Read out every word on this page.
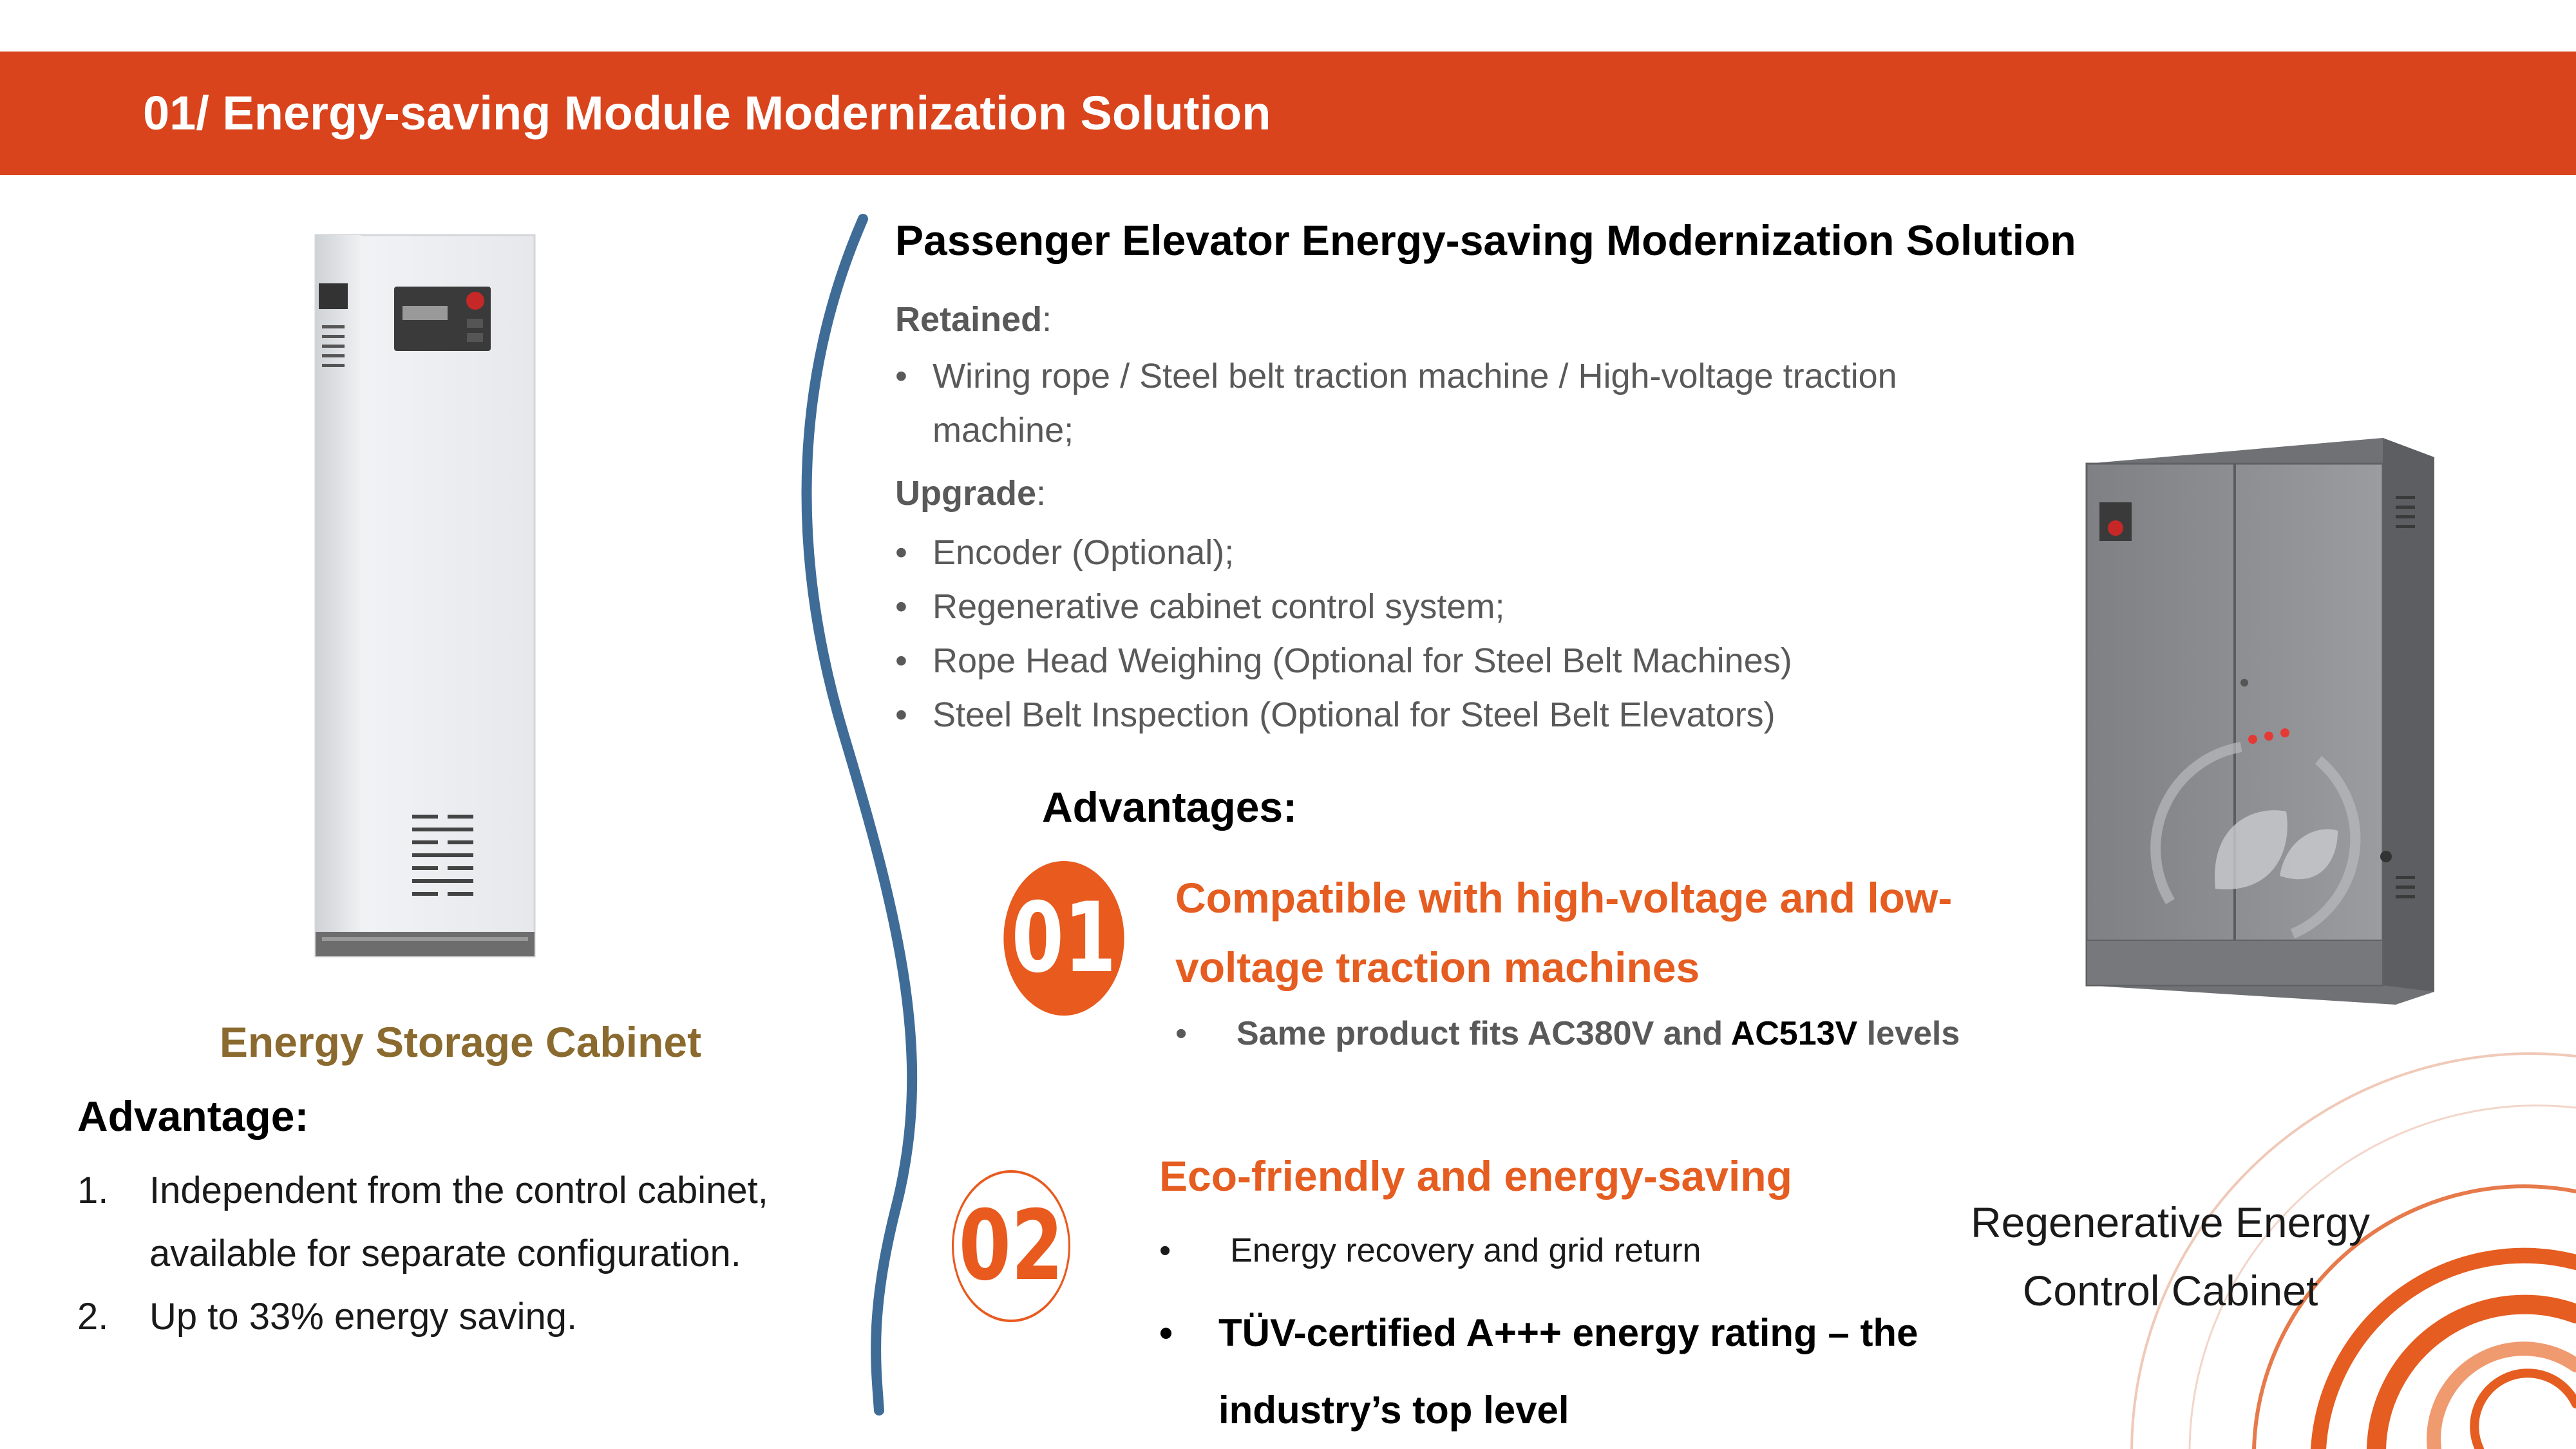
01/ Energy-saving Module Modernization Solution
Energy Storage Cabinet
Advantage:
1. Independent from the control cabinet, available for separate configuration.
2. Up to 33% energy saving.
Passenger Elevator Energy-saving Modernization Solution
Retained:
• Wiring rope / Steel belt traction machine / High-voltage traction machine;
Upgrade:
• Encoder (Optional);
• Regenerative cabinet control system;
• Rope Head Weighing (Optional for Steel Belt Machines)
• Steel Belt Inspection (Optional for Steel Belt Elevators)
Advantages:
01 Compatible with high-voltage and low-voltage traction machines
• Same product fits AC380V and AC513V levels
02
Eco-friendly and energy-saving
• Energy recovery and grid return
• TÜV-certified A+++ energy rating – the industry’s top level
Regenerative Energy Control Cabinet
